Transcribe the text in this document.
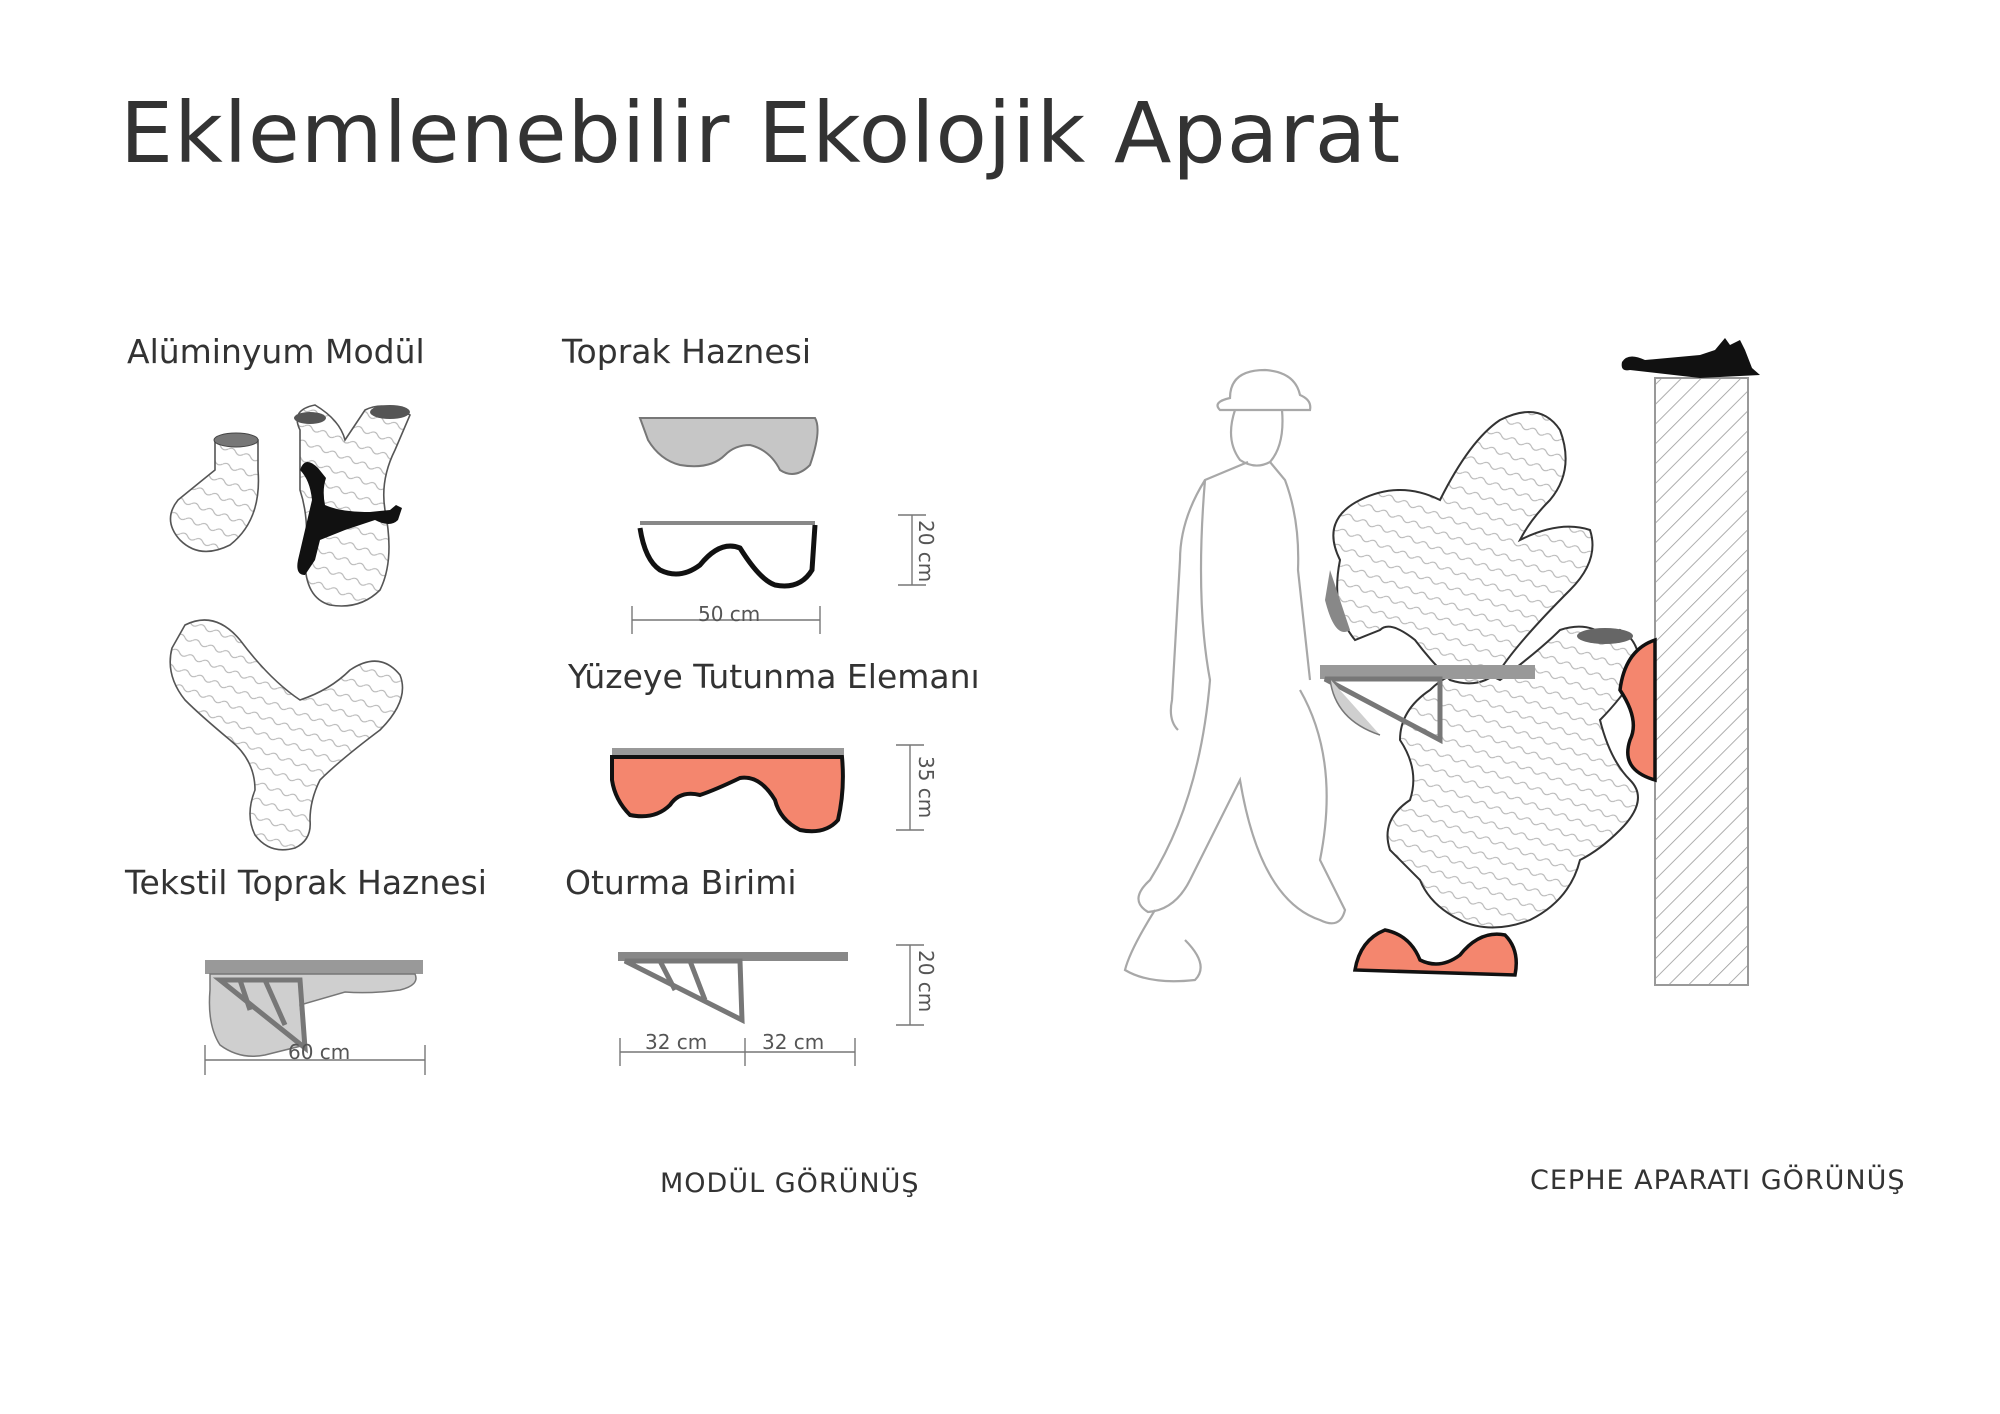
Eklemlenebilir Ekolojik Aparat
Alüminyum Modül	Toprak Haznesi
Yüzeye Tutunma Elemanı
Tekstil Toprak Haznesi Oturma Birimi
50 cm
20 cm
35 cm
60 cm	32 cm	32 cm
20 cm
MODÜL GÖRÜNÜŞ	CEPHE APARATI GÖRÜNÜŞ
